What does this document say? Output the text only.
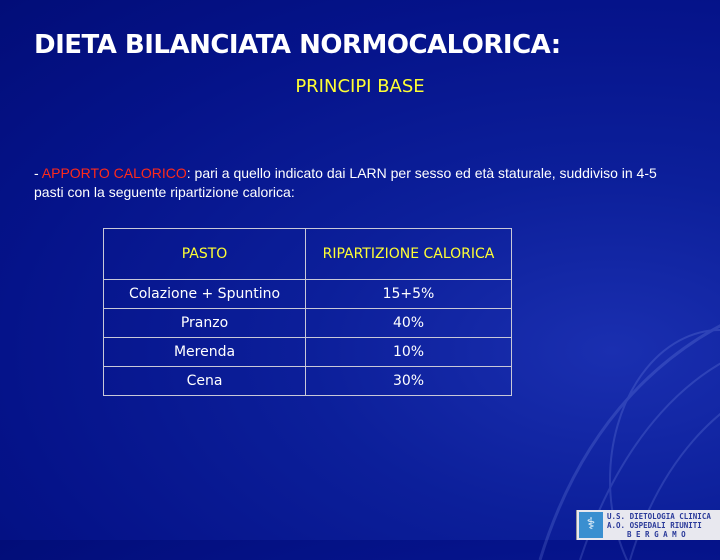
DIETA BILANCIATA NORMOCALORICA:

PRINCIPI BASE

- APPORTO CALORICO: pari a quello indicato dai LARN per sesso ed età staturale, suddiviso in 4-5 pasti con la seguente ripartizione calorica:

PASTO	RIPARTIZIONE CALORICA
Colazione + Spuntino	15+5%
Pranzo	40%
Merenda	10%
Cena	30%
⚕	U.S. DIETOLOGIA CLINICA
A.O. OSPEDALI RIUNITI
B E R G A M O
